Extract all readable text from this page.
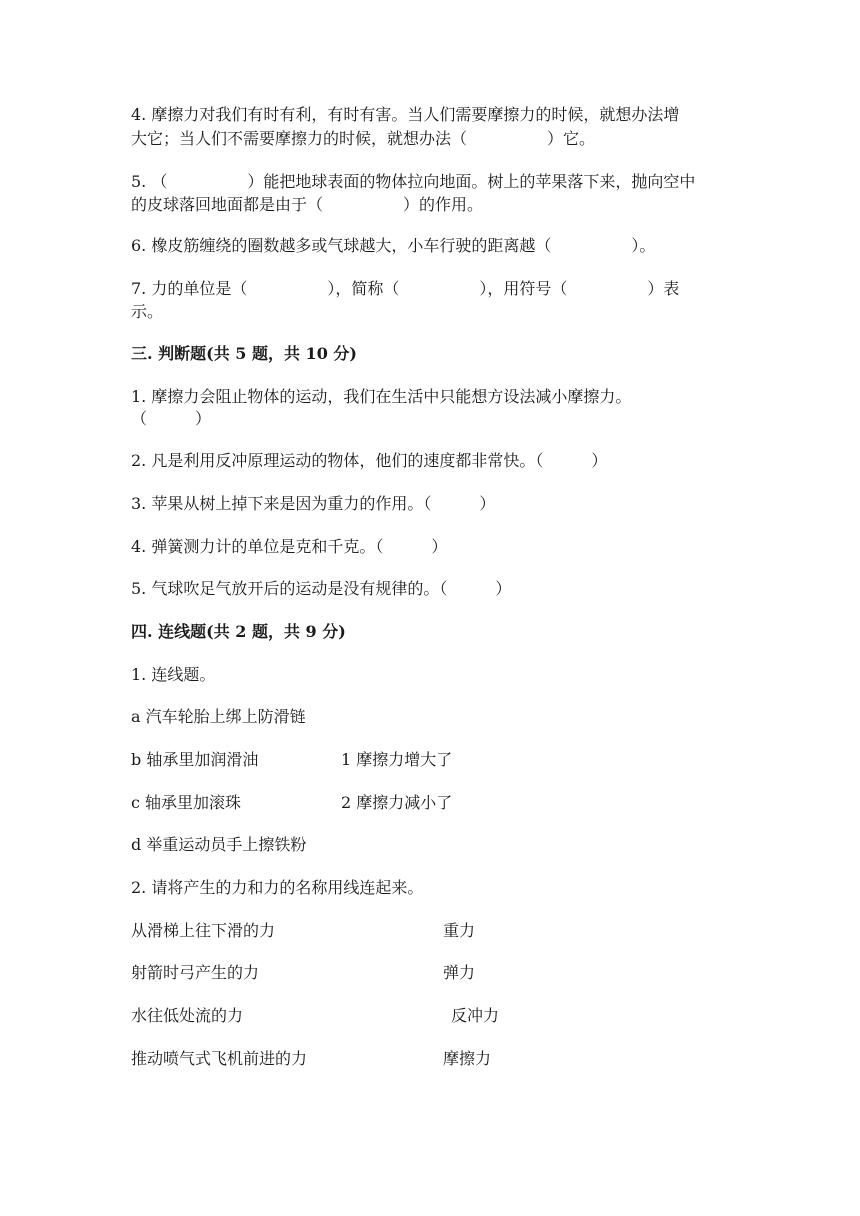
4. 摩擦力对我们有时有利，有时有害。当人们需要摩擦力的时候，就想办法增
大它；当人们不需要摩擦力的时候，就想办法（　　　　　）它。
5. （　　　　　）能把地球表面的物体拉向地面。树上的苹果落下来，抛向空中
的皮球落回地面都是由于（　　　　　）的作用。
6. 橡皮筋缠绕的圈数越多或气球越大，小车行驶的距离越（　　　　　）。
7. 力的单位是（　　　　　），简称（　　　　　），用符号（　　　　　）表
示。
三. 判断题(共 5 题，共 10 分)
1. 摩擦力会阻止物体的运动，我们在生活中只能想方设法减小摩擦力。
（　　　）
2. 凡是利用反冲原理运动的物体，他们的速度都非常快。（　　　）
3. 苹果从树上掉下来是因为重力的作用。（　　　）
4. 弹簧测力计的单位是克和千克。（　　　）
5. 气球吹足气放开后的运动是没有规律的。（　　　）
四. 连线题(共 2 题，共 9 分)
1. 连线题。
a 汽车轮胎上绑上防滑链
b 轴承里加润滑油	1 摩擦力增大了
c 轴承里加滚珠	2 摩擦力减小了
d 举重运动员手上擦铁粉
2. 请将产生的力和力的名称用线连起来。
从滑梯上往下滑的力	重力
射箭时弓产生的力	弹力
水往低处流的力	反冲力
推动喷气式飞机前进的力	摩擦力
